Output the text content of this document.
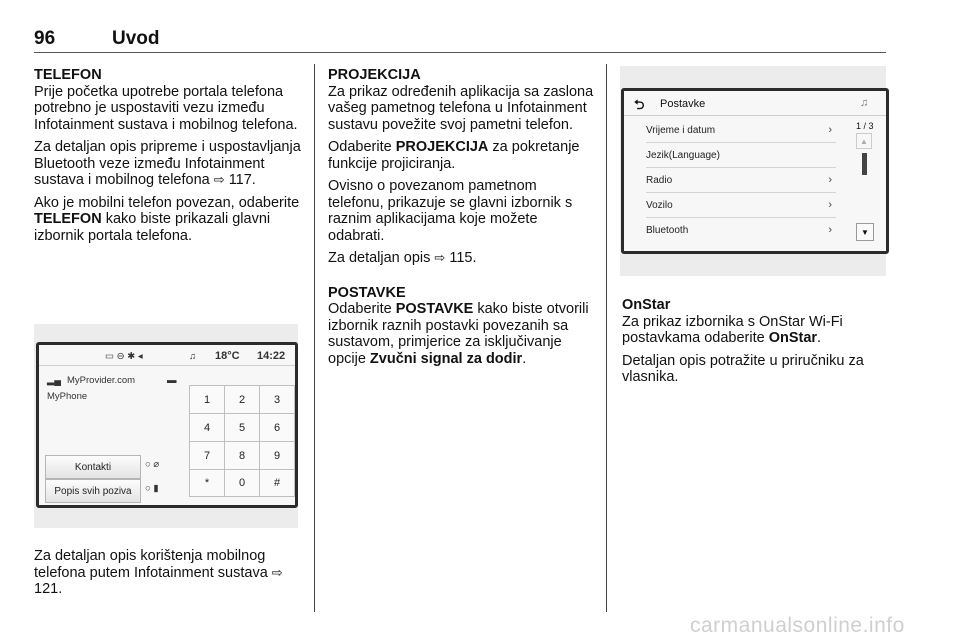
96	Uvod

TELEFON

Prije početka upotrebe portala telefona potrebno je uspostaviti vezu između Infotainment sustava i mobilnog telefona.

Za detaljan opis pripreme i uspostavljanja Bluetooth veze između Infotainment sustava i mobilnog telefona ⇨ 117.

Ako je mobilni telefon povezan, odaberite TELEFON kako biste prikazali glavni izbornik portala telefona.

▭ ⊖ ✱ ◂	♫ 18°C 14:22
▂▄ MyProvider.com	▬
MyPhone	1	2	3
4	5	6
7	8	9
*	0	#
Kontakti	○ ⌀
Popis svih poziva	○ ▮

Za detaljan opis korištenja mobilnog telefona putem Infotainment sustava ⇨ 121.

PROJEKCIJA

Za prikaz određenih aplikacija sa zaslona vašeg pametnog telefona u Infotainment sustavu povežite svoj pametni telefon.

Odaberite PROJEKCIJA za pokretanje funkcije projiciranja.

Ovisno o povezanom pametnom telefonu, prikazuje se glavni izbornik s raznim aplikacijama koje možete odabrati.

Za detaljan opis ⇨ 115.

POSTAVKE

Odaberite POSTAVKE kako biste otvorili izbornik raznih postavki povezanih sa sustavom, primjerice za isključivanje opcije Zvučni signal za dodir.

⮌ Postavke	♫
1 / 3
▲
▼
Vrijeme i datum	›
Jezik(Language)
Radio	›
Vozilo	›
Bluetooth	›

OnStar

Za prikaz izbornika s OnStar Wi-Fi postavkama odaberite OnStar.

Detaljan opis potražite u priručniku za vlasnika.

carmanualsonline.info
